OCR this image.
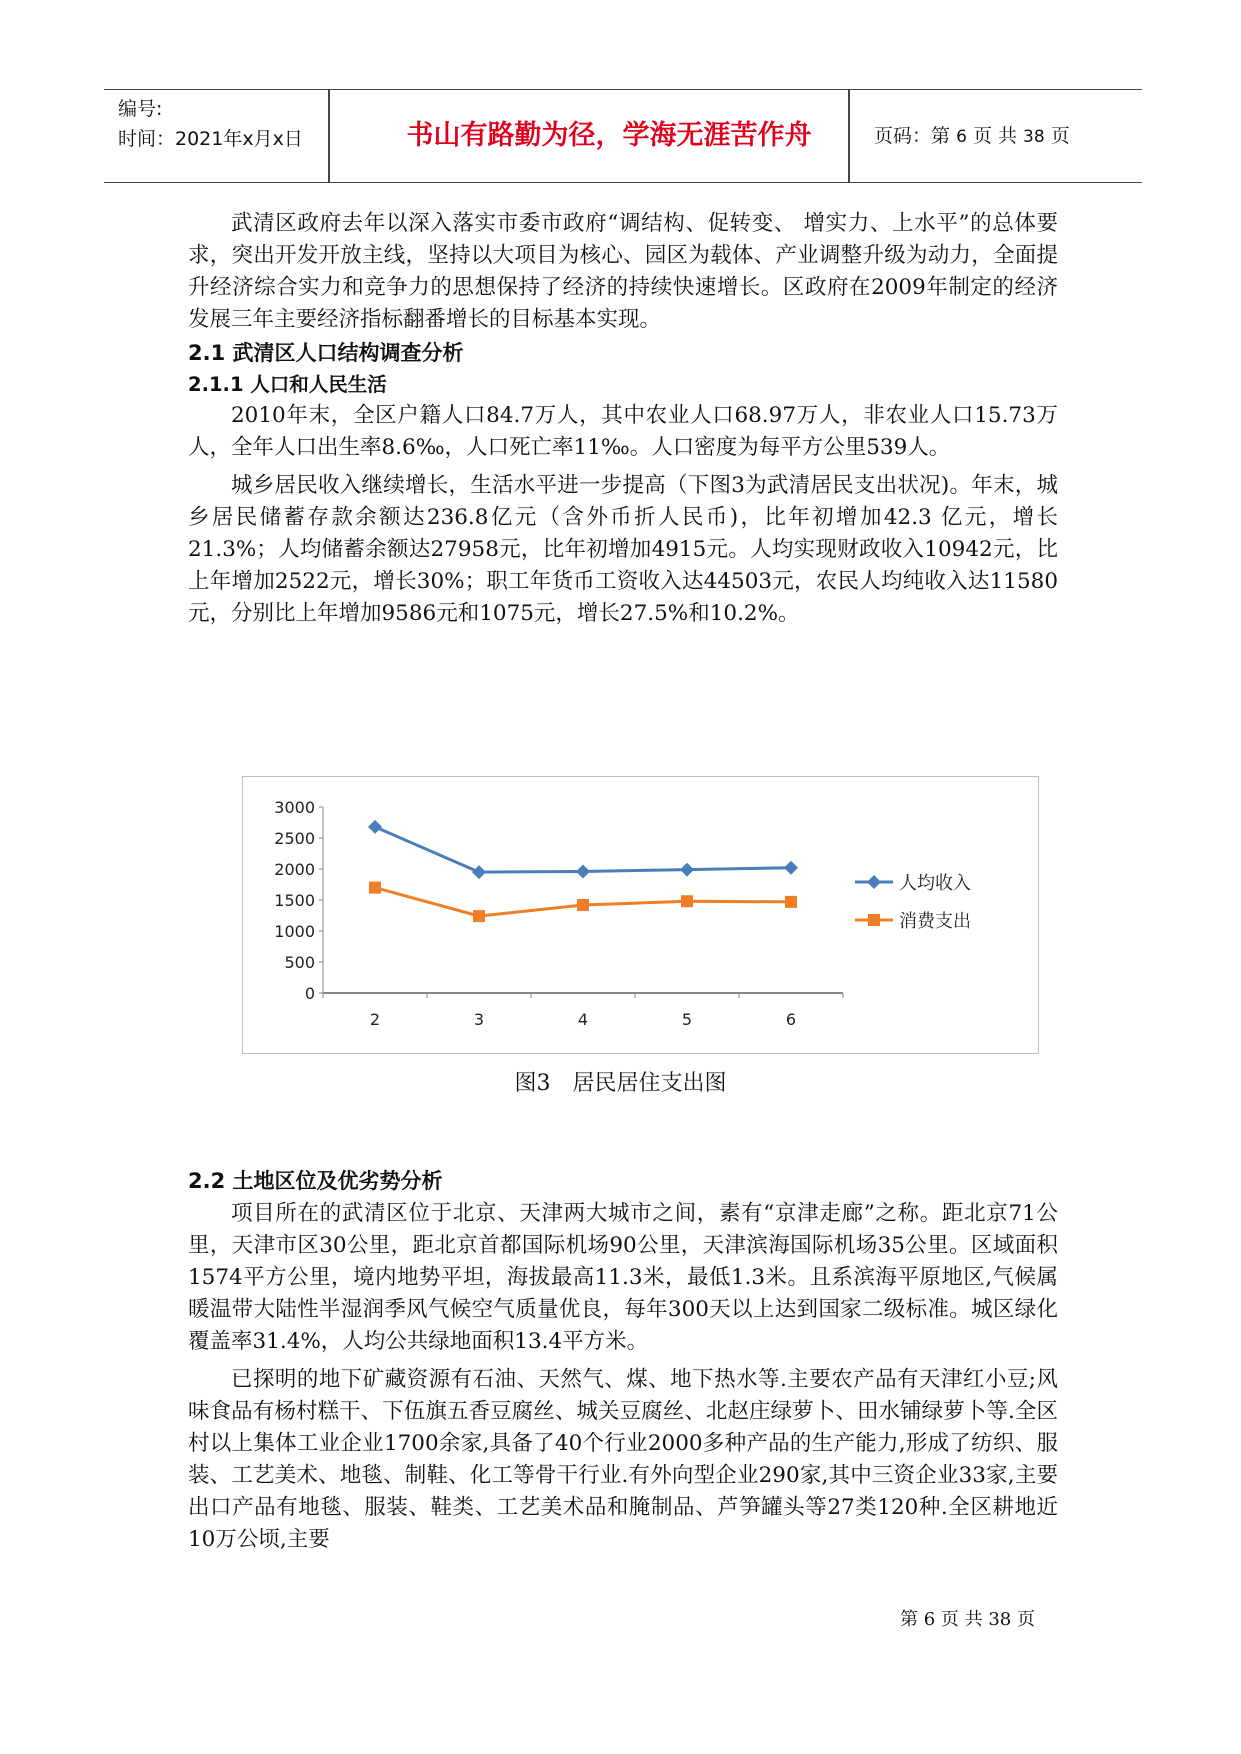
编号:
时间：2021年x月x日	书山有路勤为径，学海无涯苦作舟	页码：第 6 页 共 38 页

武清区政府去年以深入落实市委市政府“调结构、促转变、 增实力、上水平”的总体要求，突出开发开放主线，坚持以大项目为核心、园区为载体、产业调整升级为动力，全面提升经济综合实力和竞争力的思想保持了经济的持续快速增长。区政府在2009年制定的经济发展三年主要经济指标翻番增长的目标基本实现。

2.1 武清区人口结构调查分析
2.1.1 人口和人民生活

2010年末，全区户籍人口84.7万人，其中农业人口68.97万人，非农业人口15.73万人，全年人口出生率8.6‰，人口死亡率11‰。人口密度为每平方公里539人。

城乡居民收入继续增长，生活水平进一步提高（下图3为武清居民支出状况)。年末，城乡居民储蓄存款余额达236.8亿元（含外币折人民币)，比年初增加42.3 亿元，增长21.3%；人均储蓄余额达27958元，比年初增加4915元。人均实现财政收入10942元，比上年增加2522元，增长30%；职工年货币工资收入达44503元，农民人均纯收入达11580元，分别比上年增加9586元和1075元，增长27.5%和10.2%。

0
500
1000
1500
2000
2500
3000
2	3	4	5	6
人均收入
消费支出
图3　居民居住支出图
2.2 土地区位及优劣势分析

项目所在的武清区位于北京、天津两大城市之间，素有“京津走廊”之称。距北京71公里，天津市区30公里，距北京首都国际机场90公里，天津滨海国际机场35公里。区域面积1574平方公里，境内地势平坦，海拔最高11.3米，最低1.3米。且系滨海平原地区,气候属暖温带大陆性半湿润季风气候空气质量优良，每年300天以上达到国家二级标准。城区绿化覆盖率31.4%，人均公共绿地面积13.4平方米。

已探明的地下矿藏资源有石油、天然气、煤、地下热水等.主要农产品有天津红小豆;风味食品有杨村糕干、下伍旗五香豆腐丝、城关豆腐丝、北赵庄绿萝卜、田水铺绿萝卜等.全区村以上集体工业企业1700余家,具备了40个行业2000多种产品的生产能力,形成了纺织、服装、工艺美术、地毯、制鞋、化工等骨干行业.有外向型企业290家,其中三资企业33家,主要出口产品有地毯、服装、鞋类、工艺美术品和腌制品、芦笋罐头等27类120种.全区耕地近10万公顷,主要

第 6 页 共 38 页
